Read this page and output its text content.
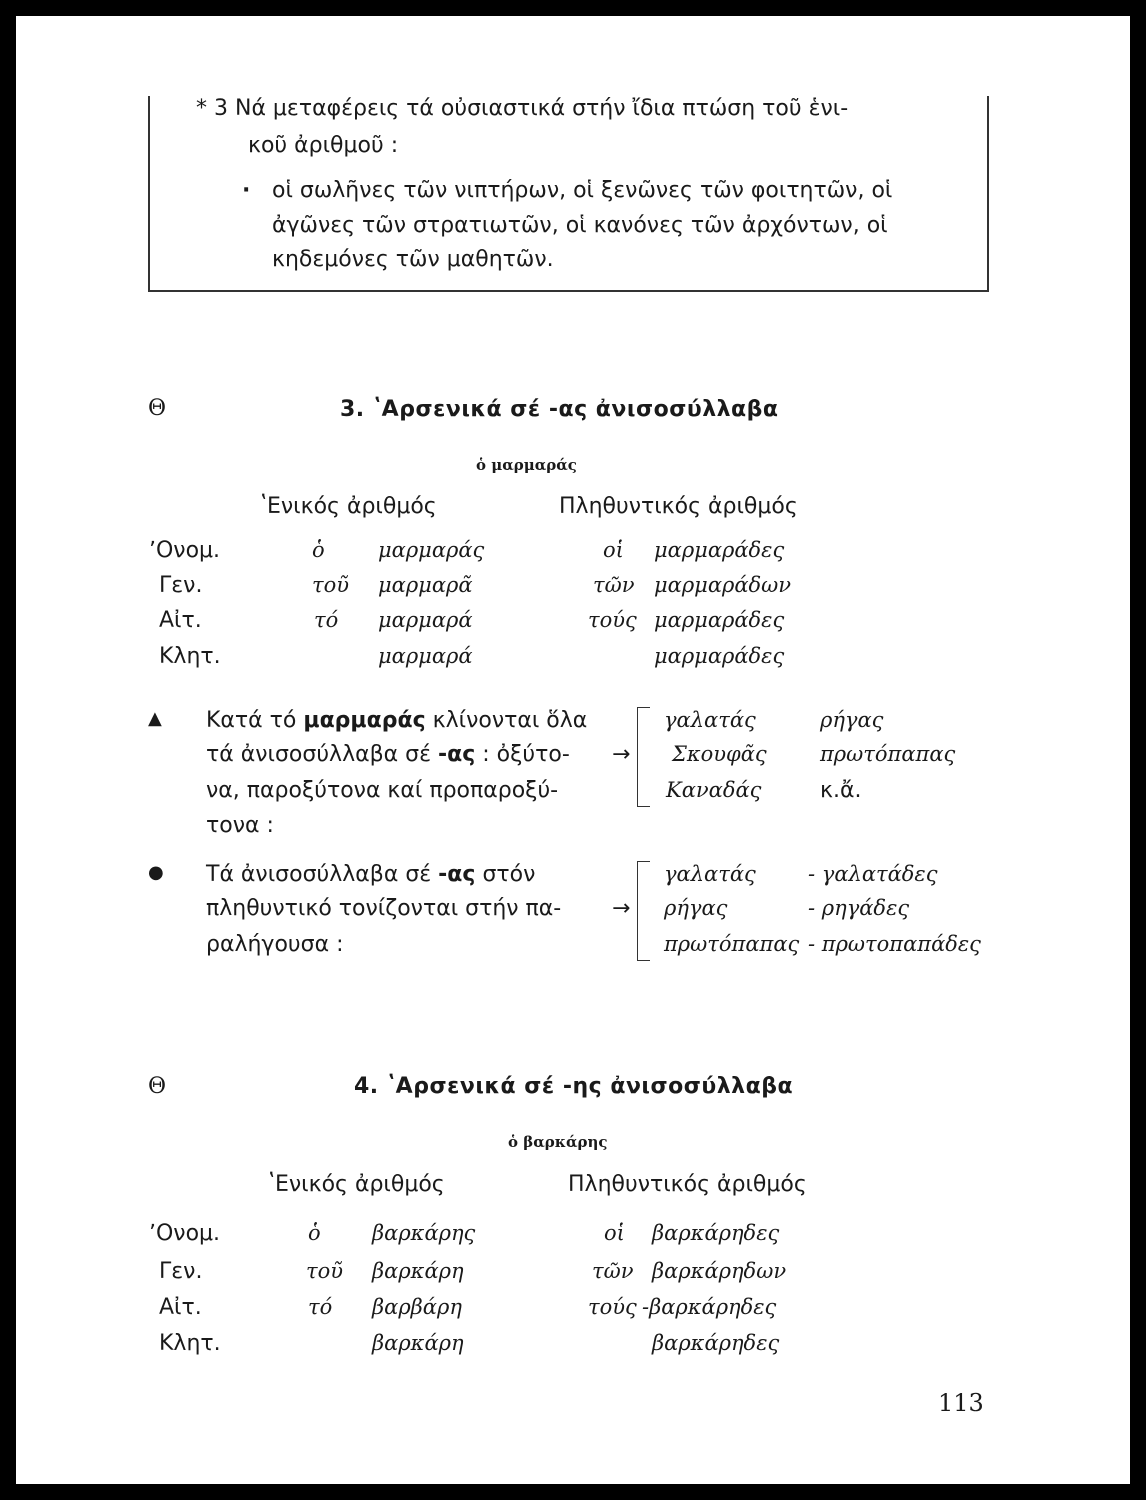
* 3 Νά μεταφέρεις τά οὐσιαστικά στήν ἴδια πτώση τοῦ ἑνι-
κοῦ ἀριθμοῦ :
· οἱ σωλῆνες τῶν νιπτήρων, οἱ ξενῶνες τῶν φοιτητῶν, οἱ
ἀγῶνες τῶν στρατιωτῶν, οἱ κανόνες τῶν ἀρχόντων, οἱ
κηδεμόνες τῶν μαθητῶν.
Θ	3. ʽΑρσενικά σέ -ας ἀνισοσύλλαβα
ὁ μαρμαράς
ʽΕνικός ἀριθμός	Πληθυντικός ἀριθμός
ʼΟνομ.	ὁ	μαρμαράς	οἱ μαρμαράδες
Γεν.	τοῦ μαρμαρᾶ	τῶν μαρμαράδων
Αἰτ.	τό μαρμαρά	τούς μαρμαράδες
Κλητ.	μαρμαρά	μαρμαράδες
▲ Κατά τό μαρμαράς κλίνονται ὅλα
τά ἀνισοσύλλαβα σέ -ας : ὀξύτο-
να, παροξύτονα καί προπαροξύ-
τονα :
→
γαλατάς	ρήγας
Σκουφᾶς	πρωτόπαπας
Καναδάς	κ.ἄ.
● Τά ἀνισοσύλλαβα σέ -ας στόν
πληθυντικό τονίζονται στήν πα-
ραλήγουσα :
→
γαλατάς - γαλατάδες
ρήγας	- ρηγάδες
πρωτόπαπας - πρωτοπαπάδες
Θ	4. ʽΑρσενικά σέ -ης ἀνισοσύλλαβα
ὁ βαρκάρης
ʽΕνικός ἀριθμός	Πληθυντικός ἀριθμός
ʼΟνομ.	ὁ βαρκάρης	οἱ βαρκάρηδες
Γεν.	τοῦ βαρκάρη	τῶν βαρκάρηδων
Αἰτ.	τό βαρβάρη	τούς -βαρκάρηδες
Κλητ.	βαρκάρη	βαρκάρηδες
113
